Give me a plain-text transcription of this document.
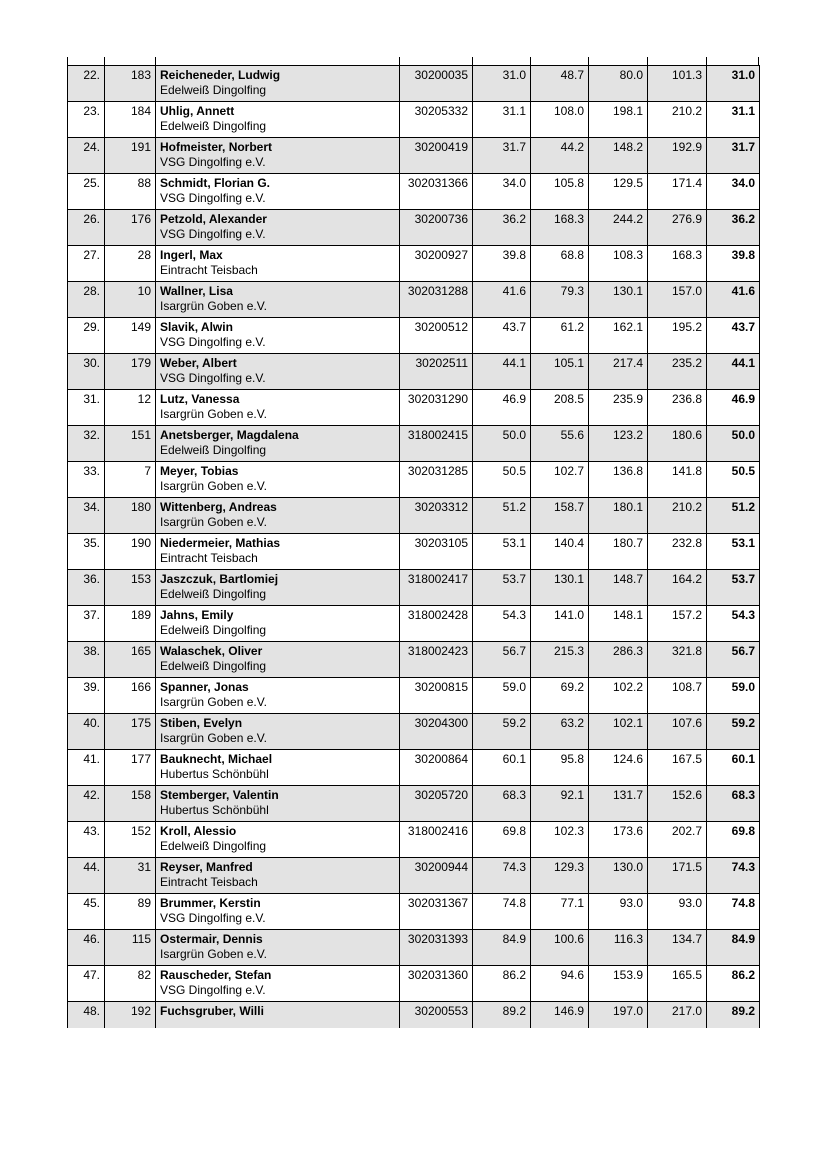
22.	183	Reicheneder, Ludwig
Edelweiß Dingolfing	30200035	31.0	48.7	80.0	101.3	31.0
23.	184	Uhlig, Annett
Edelweiß Dingolfing	30205332	31.1	108.0	198.1	210.2	31.1
24.	191	Hofmeister, Norbert
VSG Dingolfing e.V.	30200419	31.7	44.2	148.2	192.9	31.7
25.	88	Schmidt, Florian G.
VSG Dingolfing e.V.	302031366	34.0	105.8	129.5	171.4	34.0
26.	176	Petzold, Alexander
VSG Dingolfing e.V.	30200736	36.2	168.3	244.2	276.9	36.2
27.	28	Ingerl, Max
Eintracht Teisbach	30200927	39.8	68.8	108.3	168.3	39.8
28.	10	Wallner, Lisa
Isargrün Goben e.V.	302031288	41.6	79.3	130.1	157.0	41.6
29.	149	Slavik, Alwin
VSG Dingolfing e.V.	30200512	43.7	61.2	162.1	195.2	43.7
30.	179	Weber, Albert
VSG Dingolfing e.V.	30202511	44.1	105.1	217.4	235.2	44.1
31.	12	Lutz, Vanessa
Isargrün Goben e.V.	302031290	46.9	208.5	235.9	236.8	46.9
32.	151	Anetsberger, Magdalena
Edelweiß Dingolfing	318002415	50.0	55.6	123.2	180.6	50.0
33.	7	Meyer, Tobias
Isargrün Goben e.V.	302031285	50.5	102.7	136.8	141.8	50.5
34.	180	Wittenberg, Andreas
Isargrün Goben e.V.	30203312	51.2	158.7	180.1	210.2	51.2
35.	190	Niedermeier, Mathias
Eintracht Teisbach	30203105	53.1	140.4	180.7	232.8	53.1
36.	153	Jaszczuk, Bartlomiej
Edelweiß Dingolfing	318002417	53.7	130.1	148.7	164.2	53.7
37.	189	Jahns, Emily
Edelweiß Dingolfing	318002428	54.3	141.0	148.1	157.2	54.3
38.	165	Walaschek, Oliver
Edelweiß Dingolfing	318002423	56.7	215.3	286.3	321.8	56.7
39.	166	Spanner, Jonas
Isargrün Goben e.V.	30200815	59.0	69.2	102.2	108.7	59.0
40.	175	Stiben, Evelyn
Isargrün Goben e.V.	30204300	59.2	63.2	102.1	107.6	59.2
41.	177	Bauknecht, Michael
Hubertus Schönbühl	30200864	60.1	95.8	124.6	167.5	60.1
42.	158	Stemberger, Valentin
Hubertus Schönbühl	30205720	68.3	92.1	131.7	152.6	68.3
43.	152	Kroll, Alessio
Edelweiß Dingolfing	318002416	69.8	102.3	173.6	202.7	69.8
44.	31	Reyser, Manfred
Eintracht Teisbach	30200944	74.3	129.3	130.0	171.5	74.3
45.	89	Brummer, Kerstin
VSG Dingolfing e.V.	302031367	74.8	77.1	93.0	93.0	74.8
46.	115	Ostermair, Dennis
Isargrün Goben e.V.	302031393	84.9	100.6	116.3	134.7	84.9
47.	82	Rauscheder, Stefan
VSG Dingolfing e.V.	302031360	86.2	94.6	153.9	165.5	86.2
48.	192	Fuchsgruber, Willi	30200553	89.2	146.9	197.0	217.0	89.2
